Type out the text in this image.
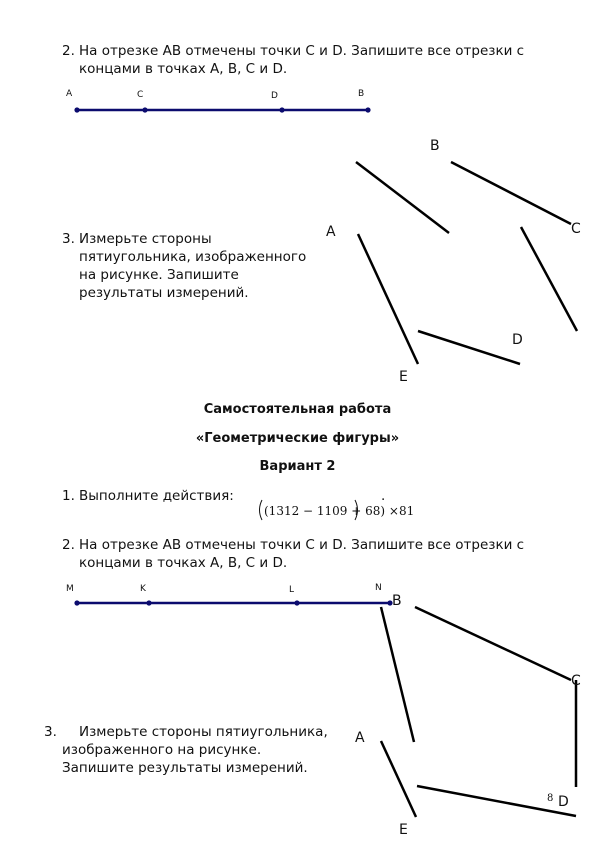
2. На отрезке АВ отмечены точки С и D. Запишите все отрезки с
концами в точках А, В, С и D.
A	C	D	B
B
C
A
D
E
3. Измерьте стороны
пятиугольника, изображенного
на рисунке. Запишите
результаты измерений.
Самостоятельная работа
«Геометрические фигуры»
Вариант 2
1. Выполните действия:
(1312 − 1109 + 68) ×81
.
2. На отрезке АВ отмечены точки С и D. Запишите все отрезки с
концами в точках А, В, С и D.
M	K	L	N
B
C
A
D
E
3. Измерьте стороны пятиугольника,
изображенного на рисунке.
Запишите результаты измерений.
8
